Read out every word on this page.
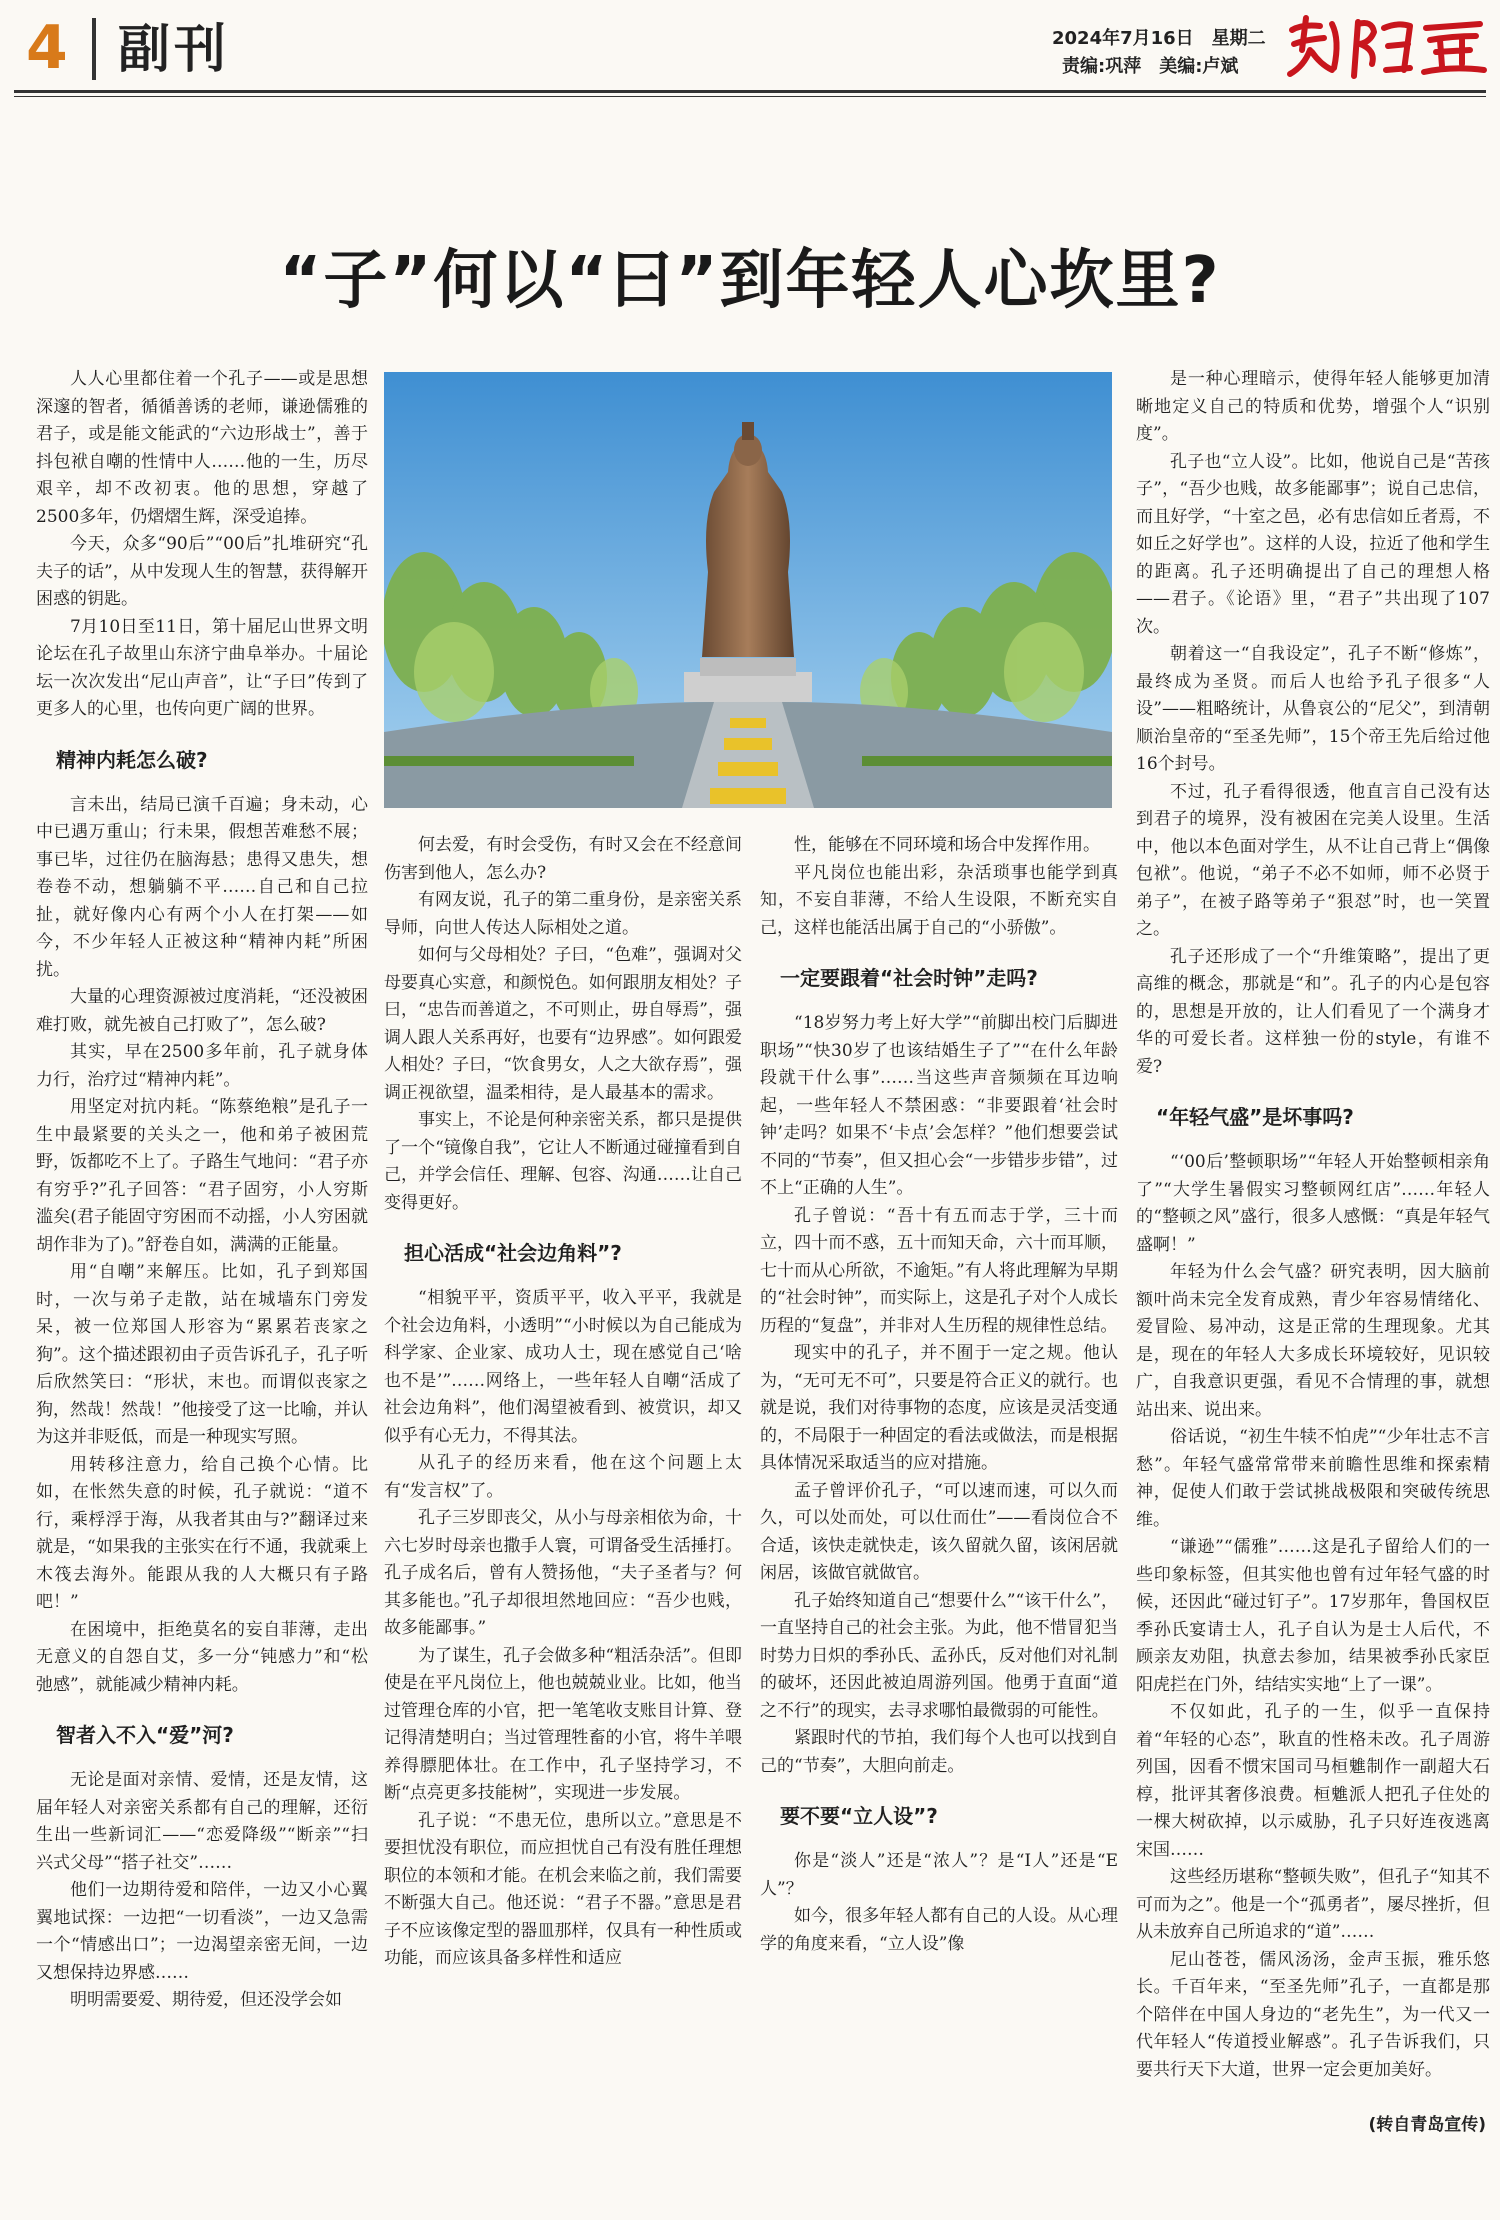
4 副刊	2024年7月16日 星期二
责编:巩萍 美编:卢斌
“子”何以“曰”到年轻人心坎里?

人人心里都住着一个孔子——或是思想深邃的智者，循循善诱的老师，谦逊儒雅的君子，或是能文能武的“六边形战士”，善于抖包袱自嘲的性情中人……他的一生，历尽艰辛，却不改初衷。他的思想，穿越了2500多年，仍熠熠生辉，深受追捧。

今天，众多“90后”“00后”扎堆研究“孔夫子的话”，从中发现人生的智慧，获得解开困惑的钥匙。

7月10日至11日，第十届尼山世界文明论坛在孔子故里山东济宁曲阜举办。十届论坛一次次发出“尼山声音”，让“子曰”传到了更多人的心里，也传向更广阔的世界。

精神内耗怎么破?

言未出，结局已演千百遍；身未动，心中已遇万重山；行未果，假想苦难愁不展；事已毕，过往仍在脑海悬；患得又患失，想卷卷不动，想躺躺不平……自己和自己拉扯，就好像内心有两个小人在打架——如今，不少年轻人正被这种“精神内耗”所困扰。

大量的心理资源被过度消耗，“还没被困难打败，就先被自己打败了”，怎么破?

其实，早在2500多年前，孔子就身体力行，治疗过“精神内耗”。

用坚定对抗内耗。“陈蔡绝粮”是孔子一生中最紧要的关头之一，他和弟子被困荒野，饭都吃不上了。子路生气地问：“君子亦有穷乎?”孔子回答：“君子固穷，小人穷斯滥矣(君子能固守穷困而不动摇，小人穷困就胡作非为了)。”舒卷自如，满满的正能量。

用“自嘲”来解压。比如，孔子到郑国时，一次与弟子走散，站在城墙东门旁发呆，被一位郑国人形容为“累累若丧家之狗”。这个描述跟初由子贡告诉孔子，孔子听后欣然笑曰：“形状，末也。而谓似丧家之狗，然哉！然哉！”他接受了这一比喻，并认为这并非贬低，而是一种现实写照。

用转移注意力，给自己换个心情。比如，在怅然失意的时候，孔子就说：“道不行，乘桴浮于海，从我者其由与?”翻译过来就是，“如果我的主张实在行不通，我就乘上木筏去海外。能跟从我的人大概只有子路吧！”

在困境中，拒绝莫名的妄自菲薄，走出无意义的自怨自艾，多一分“钝感力”和“松弛感”，就能减少精神内耗。

智者入不入“爱”河?

无论是面对亲情、爱情，还是友情，这届年轻人对亲密关系都有自己的理解，还衍生出一些新词汇——“恋爱降级”“断亲”“扫兴式父母”“搭子社交”……

他们一边期待爱和陪伴，一边又小心翼翼地试探：一边把“一切看淡”，一边又急需一个“情感出口”；一边渴望亲密无间，一边又想保持边界感……

明明需要爱、期待爱，但还没学会如

何去爱，有时会受伤，有时又会在不经意间伤害到他人，怎么办?

有网友说，孔子的第二重身份，是亲密关系导师，向世人传达人际相处之道。

如何与父母相处？子曰，“色难”，强调对父母要真心实意，和颜悦色。如何跟朋友相处？子曰，“忠告而善道之，不可则止，毋自辱焉”，强调人跟人关系再好，也要有“边界感”。如何跟爱人相处？子曰，“饮食男女，人之大欲存焉”，强调正视欲望，温柔相待，是人最基本的需求。

事实上，不论是何种亲密关系，都只是提供了一个“镜像自我”，它让人不断通过碰撞看到自己，并学会信任、理解、包容、沟通……让自己变得更好。

担心活成“社会边角料”?

“相貌平平，资质平平，收入平平，我就是个社会边角料，小透明”“小时候以为自己能成为科学家、企业家、成功人士，现在感觉自己‘啥也不是’”……网络上，一些年轻人自嘲“活成了社会边角料”，他们渴望被看到、被赏识，却又似乎有心无力，不得其法。

从孔子的经历来看，他在这个问题上太有“发言权”了。

孔子三岁即丧父，从小与母亲相依为命，十六七岁时母亲也撒手人寰，可谓备受生活捶打。孔子成名后，曾有人赞扬他，“夫子圣者与？何其多能也。”孔子却很坦然地回应：“吾少也贱，故多能鄙事。”

为了谋生，孔子会做多种“粗活杂活”。但即使是在平凡岗位上，他也兢兢业业。比如，他当过管理仓库的小官，把一笔笔收支账目计算、登记得清楚明白；当过管理牲畜的小官，将牛羊喂养得膘肥体壮。在工作中，孔子坚持学习，不断“点亮更多技能树”，实现进一步发展。

孔子说：“不患无位，患所以立。”意思是不要担忧没有职位，而应担忧自己有没有胜任理想职位的本领和才能。在机会来临之前，我们需要不断强大自己。他还说：“君子不器。”意思是君子不应该像定型的器皿那样，仅具有一种性质或功能，而应该具备多样性和适应

性，能够在不同环境和场合中发挥作用。

平凡岗位也能出彩，杂活琐事也能学到真知，不妄自菲薄，不给人生设限，不断充实自己，这样也能活出属于自己的“小骄傲”。

一定要跟着“社会时钟”走吗?

“18岁努力考上好大学”“前脚出校门后脚进职场”“快30岁了也该结婚生子了”“在什么年龄段就干什么事”……当这些声音频频在耳边响起，一些年轻人不禁困惑：“非要跟着‘社会时钟’走吗？如果不‘卡点’会怎样？”他们想要尝试不同的“节奏”，但又担心会“一步错步步错”，过不上“正确的人生”。

孔子曾说：“吾十有五而志于学，三十而立，四十而不惑，五十而知天命，六十而耳顺，七十而从心所欲，不逾矩。”有人将此理解为早期的“社会时钟”，而实际上，这是孔子对个人成长历程的“复盘”，并非对人生历程的规律性总结。

现实中的孔子，并不囿于一定之规。他认为，“无可无不可”，只要是符合正义的就行。也就是说，我们对待事物的态度，应该是灵活变通的，不局限于一种固定的看法或做法，而是根据具体情况采取适当的应对措施。

孟子曾评价孔子，“可以速而速，可以久而久，可以处而处，可以仕而仕”——看岗位合不合适，该快走就快走，该久留就久留，该闲居就闲居，该做官就做官。

孔子始终知道自己“想要什么”“该干什么”，一直坚持自己的社会主张。为此，他不惜冒犯当时势力日炽的季孙氏、孟孙氏，反对他们对礼制的破坏，还因此被迫周游列国。他勇于直面“道之不行”的现实，去寻求哪怕最微弱的可能性。

紧跟时代的节拍，我们每个人也可以找到自己的“节奏”，大胆向前走。

要不要“立人设”?

你是“淡人”还是“浓人”？是“I人”还是“E人”？

如今，很多年轻人都有自己的人设。从心理学的角度来看，“立人设”像

是一种心理暗示，使得年轻人能够更加清晰地定义自己的特质和优势，增强个人“识别度”。

孔子也“立人设”。比如，他说自己是“苦孩子”，“吾少也贱，故多能鄙事”；说自己忠信，而且好学，“十室之邑，必有忠信如丘者焉，不如丘之好学也”。这样的人设，拉近了他和学生的距离。孔子还明确提出了自己的理想人格——君子。《论语》里，“君子”共出现了107次。

朝着这一“自我设定”，孔子不断“修炼”，最终成为圣贤。而后人也给予孔子很多“人设”——粗略统计，从鲁哀公的“尼父”，到清朝顺治皇帝的“至圣先师”，15个帝王先后给过他16个封号。

不过，孔子看得很透，他直言自己没有达到君子的境界，没有被困在完美人设里。生活中，他以本色面对学生，从不让自己背上“偶像包袱”。他说，“弟子不必不如师，师不必贤于弟子”，在被子路等弟子“狠怼”时，也一笑置之。

孔子还形成了一个“升维策略”，提出了更高维的概念，那就是“和”。孔子的内心是包容的，思想是开放的，让人们看见了一个满身才华的可爱长者。这样独一份的style，有谁不爱?

“年轻气盛”是坏事吗?

“‘00后’整顿职场”“年轻人开始整顿相亲角了”“大学生暑假实习整顿网红店”……年轻人的“整顿之风”盛行，很多人感慨：“真是年轻气盛啊！”

年轻为什么会气盛？研究表明，因大脑前额叶尚未完全发育成熟，青少年容易情绪化、爱冒险、易冲动，这是正常的生理现象。尤其是，现在的年轻人大多成长环境较好，见识较广，自我意识更强，看见不合情理的事，就想站出来、说出来。

俗话说，“初生牛犊不怕虎”“少年壮志不言愁”。年轻气盛常常带来前瞻性思维和探索精神，促使人们敢于尝试挑战极限和突破传统思维。

“谦逊”“儒雅”……这是孔子留给人们的一些印象标签，但其实他也曾有过年轻气盛的时候，还因此“碰过钉子”。17岁那年，鲁国权臣季孙氏宴请士人，孔子自认为是士人后代，不顾亲友劝阻，执意去参加，结果被季孙氏家臣阳虎拦在门外，结结实实地“上了一课”。

不仅如此，孔子的一生，似乎一直保持着“年轻的心态”，耿直的性格未改。孔子周游列国，因看不惯宋国司马桓魋制作一副超大石椁，批评其奢侈浪费。桓魋派人把孔子住处的一棵大树砍掉，以示威胁，孔子只好连夜逃离宋国……

这些经历堪称“整顿失败”，但孔子“知其不可而为之”。他是一个“孤勇者”，屡尽挫折，但从未放弃自己所追求的“道”……

尼山苍苍，儒风汤汤，金声玉振，雅乐悠长。千百年来，“至圣先师”孔子，一直都是那个陪伴在中国人身边的“老先生”，为一代又一代年轻人“传道授业解惑”。孔子告诉我们，只要共行天下大道，世界一定会更加美好。

(转自青岛宣传)
